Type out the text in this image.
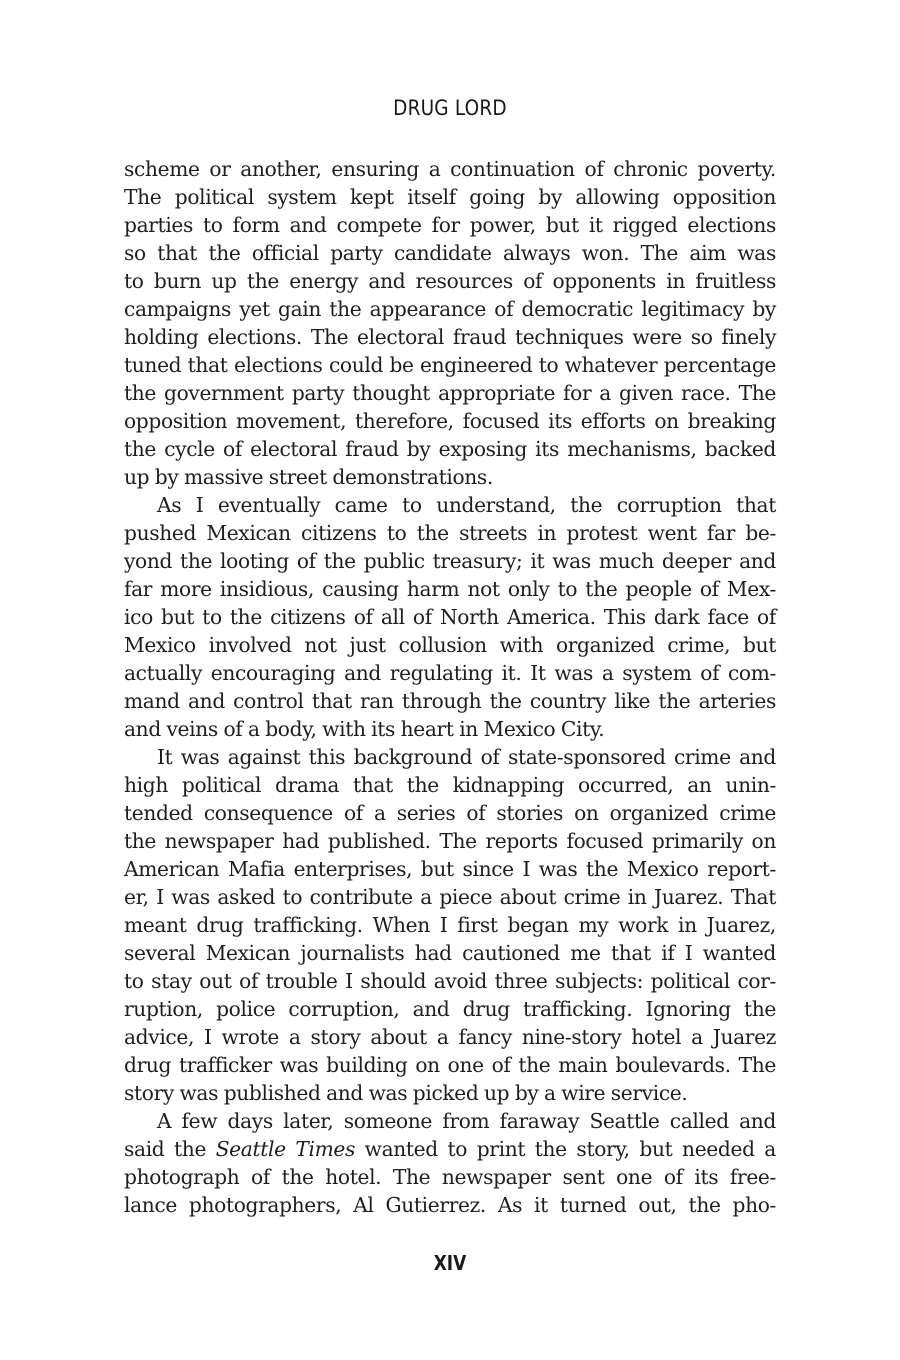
DRUG LORD
scheme or another, ensuring a continuation of chronic poverty.
The political system kept itself going by allowing opposition
parties to form and compete for power, but it rigged elections
so that the official party candidate always won. The aim was
to burn up the energy and resources of opponents in fruitless
campaigns yet gain the appearance of democratic legitimacy by
holding elections. The electoral fraud techniques were so finely
tuned that elections could be engineered to whatever percentage
the government party thought appropriate for a given race. The
opposition movement, therefore, focused its efforts on breaking
the cycle of electoral fraud by exposing its mechanisms, backed
up by massive street demonstrations.
As I eventually came to understand, the corruption that
pushed Mexican citizens to the streets in protest went far be-
yond the looting of the public treasury; it was much deeper and
far more insidious, causing harm not only to the people of Mex-
ico but to the citizens of all of North America. This dark face of
Mexico involved not just collusion with organized crime, but
actually encouraging and regulating it. It was a system of com-
mand and control that ran through the country like the arteries
and veins of a body, with its heart in Mexico City.
It was against this background of state-sponsored crime and
high political drama that the kidnapping occurred, an unin-
tended consequence of a series of stories on organized crime
the newspaper had published. The reports focused primarily on
American Mafia enterprises, but since I was the Mexico report-
er, I was asked to contribute a piece about crime in Juarez. That
meant drug trafficking. When I first began my work in Juarez,
several Mexican journalists had cautioned me that if I wanted
to stay out of trouble I should avoid three subjects: political cor-
ruption, police corruption, and drug trafficking. Ignoring the
advice, I wrote a story about a fancy nine-story hotel a Juarez
drug trafficker was building on one of the main boulevards. The
story was published and was picked up by a wire service.
A few days later, someone from faraway Seattle called and
said the Seattle Times wanted to print the story, but needed a
photograph of the hotel. The newspaper sent one of its free-
lance photographers, Al Gutierrez. As it turned out, the pho-
XIV
